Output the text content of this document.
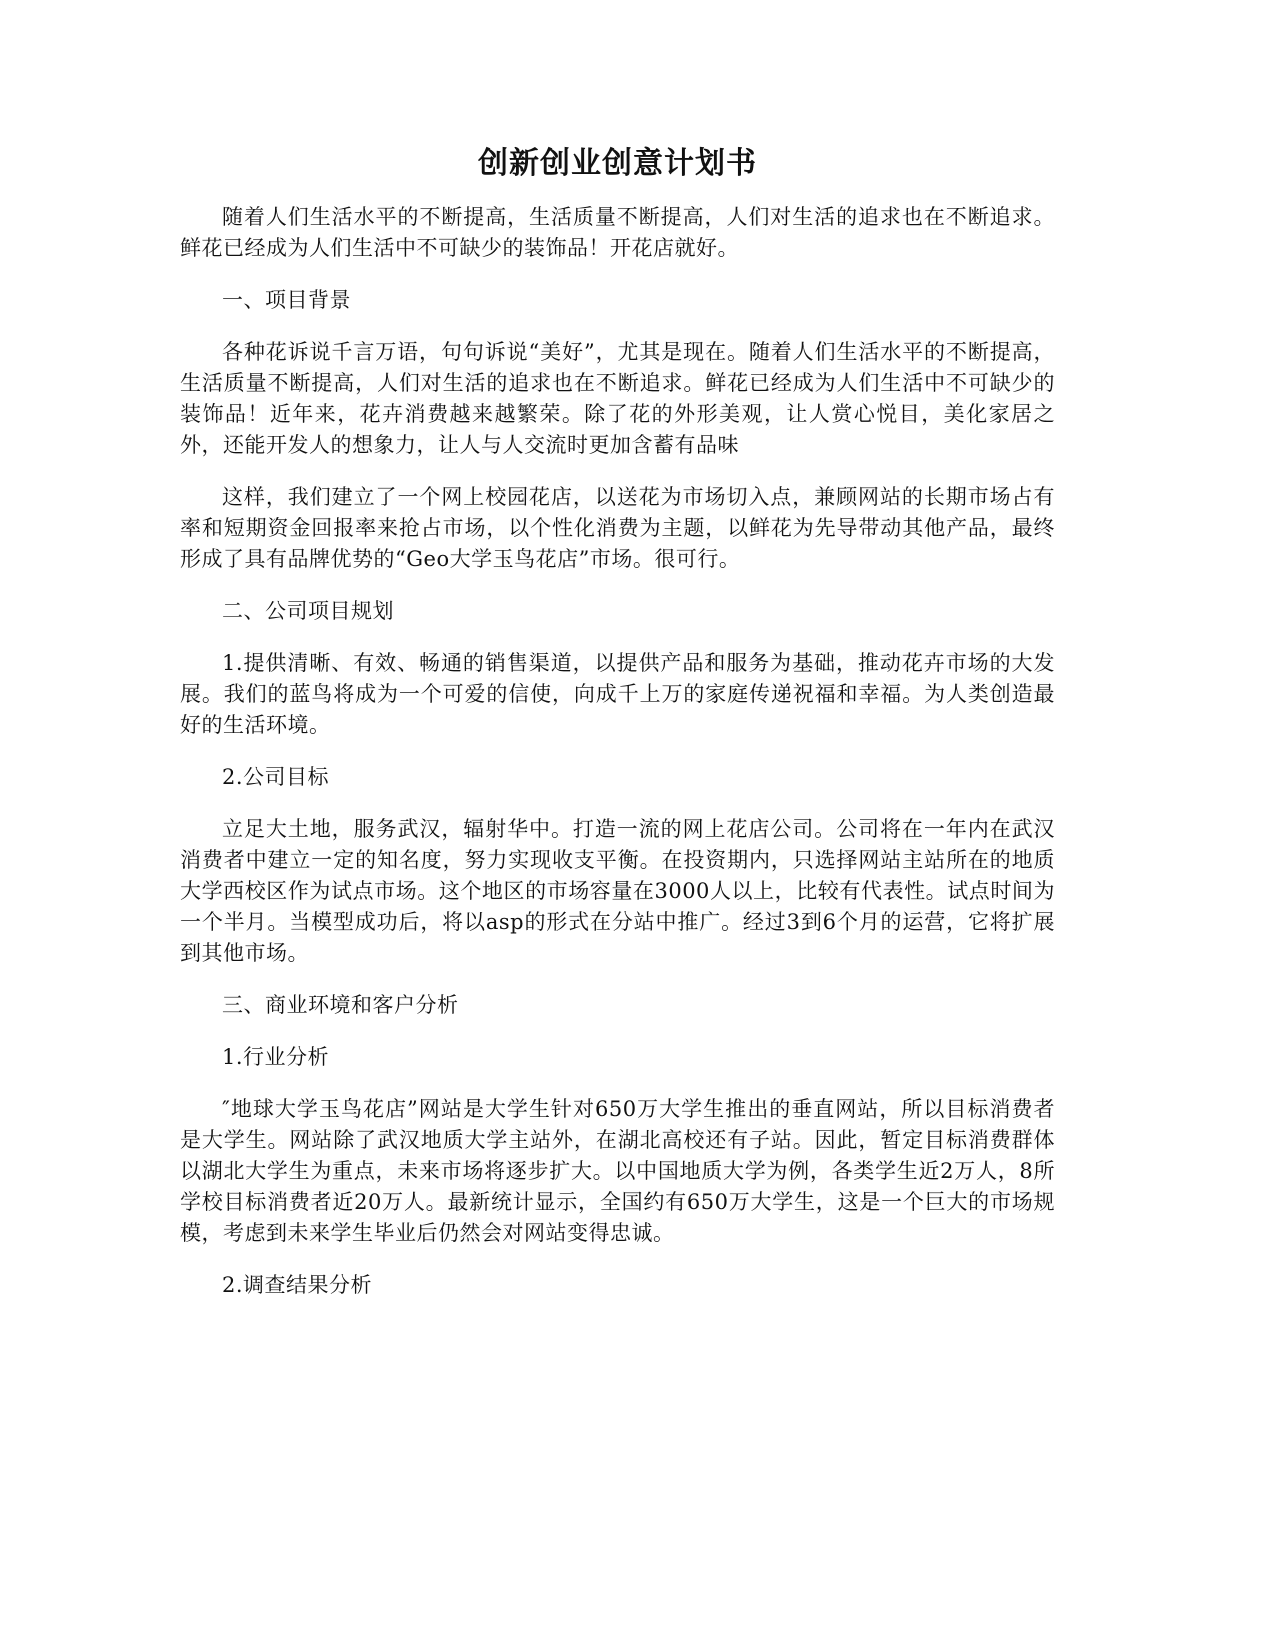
创新创业创意计划书
随着人们生活水平的不断提高，生活质量不断提高，人们对生活的追求也在不断追求。鲜花已经成为人们生活中不可缺少的装饰品！开花店就好。
一、项目背景
各种花诉说千言万语，句句诉说“美好”，尤其是现在。随着人们生活水平的不断提高，生活质量不断提高，人们对生活的追求也在不断追求。鲜花已经成为人们生活中不可缺少的装饰品！近年来，花卉消费越来越繁荣。除了花的外形美观，让人赏心悦目，美化家居之外，还能开发人的想象力，让人与人交流时更加含蓄有品味
这样，我们建立了一个网上校园花店，以送花为市场切入点，兼顾网站的长期市场占有率和短期资金回报率来抢占市场，以个性化消费为主题，以鲜花为先导带动其他产品，最终形成了具有品牌优势的“Geo大学玉鸟花店”市场。很可行。
二、公司项目规划
1.提供清晰、有效、畅通的销售渠道，以提供产品和服务为基础，推动花卉市场的大发展。我们的蓝鸟将成为一个可爱的信使，向成千上万的家庭传递祝福和幸福。为人类创造最好的生活环境。
2.公司目标
立足大土地，服务武汉，辐射华中。打造一流的网上花店公司。公司将在一年内在武汉消费者中建立一定的知名度，努力实现收支平衡。在投资期内，只选择网站主站所在的地质大学西校区作为试点市场。这个地区的市场容量在3000人以上，比较有代表性。试点时间为一个半月。当模型成功后，将以asp的形式在分站中推广。经过3到6个月的运营，它将扩展到其他市场。
三、商业环境和客户分析
1.行业分析
″地球大学玉鸟花店”网站是大学生针对650万大学生推出的垂直网站，所以目标消费者是大学生。网站除了武汉地质大学主站外，在湖北高校还有子站。因此，暂定目标消费群体以湖北大学生为重点，未来市场将逐步扩大。以中国地质大学为例，各类学生近2万人，8所学校目标消费者近20万人。最新统计显示，全国约有650万大学生，这是一个巨大的市场规模，考虑到未来学生毕业后仍然会对网站变得忠诚。
2.调查结果分析
